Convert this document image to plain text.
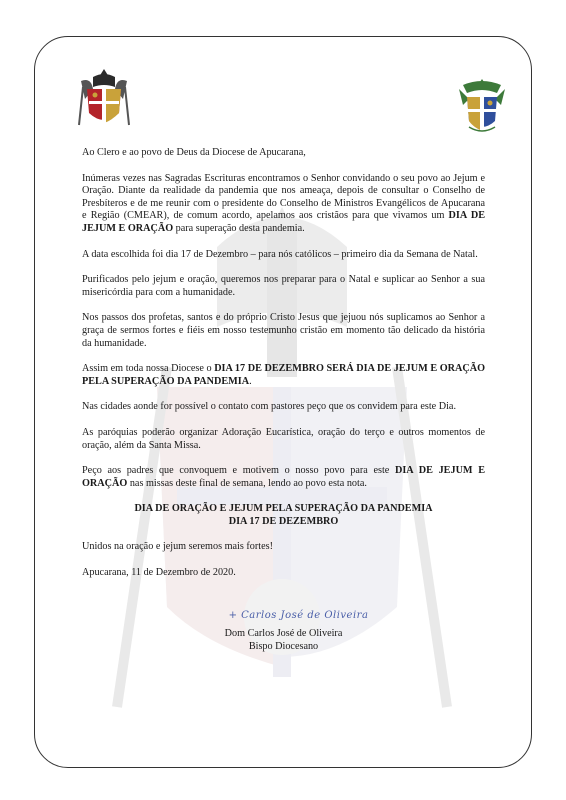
Ao Clero e ao povo de Deus da Diocese de Apucarana,

Inúmeras vezes nas Sagradas Escrituras encontramos o Senhor convidando o seu povo ao Jejum e Oração. Diante da realidade da pandemia que nos ameaça, depois de consultar o Conselho de Presbíteros e de me reunir com o presidente do Conselho de Ministros Evangélicos de Apucarana e Região (CMEAR), de comum acordo, apelamos aos cristãos para que vivamos um DIA DE JEJUM E ORAÇÃO para superação desta pandemia.

A data escolhida foi dia 17 de Dezembro – para nós católicos – primeiro dia da Semana de Natal.

Purificados pelo jejum e oração, queremos nos preparar para o Natal e suplicar ao Senhor a sua misericórdia para com a humanidade.

Nos passos dos profetas, santos e do próprio Cristo Jesus que jejuou nós suplicamos ao Senhor a graça de sermos fortes e fiéis em nosso testemunho cristão em momento tão delicado da história da humanidade.

Assim em toda nossa Diocese o DIA 17 DE DEZEMBRO SERÁ DIA DE JEJUM E ORAÇÃO PELA SUPERAÇÃO DA PANDEMIA.

Nas cidades aonde for possível o contato com pastores peço que os convidem para este Dia.

As paróquias poderão organizar Adoração Eucarística, oração do terço e outros momentos de oração, além da Santa Missa.

Peço aos padres que convoquem e motivem o nosso povo para este DIA DE JEJUM E ORAÇÃO nas missas deste final de semana, lendo ao povo esta nota.

DIA DE ORAÇÃO E JEJUM PELA SUPERAÇÃO DA PANDEMIA
DIA 17 DE DEZEMBRO

Unidos na oração e jejum seremos mais fortes!

Apucarana, 11 de Dezembro de 2020.

+ Carlos José de Oliveira
Dom Carlos José de Oliveira
Bispo Diocesano
